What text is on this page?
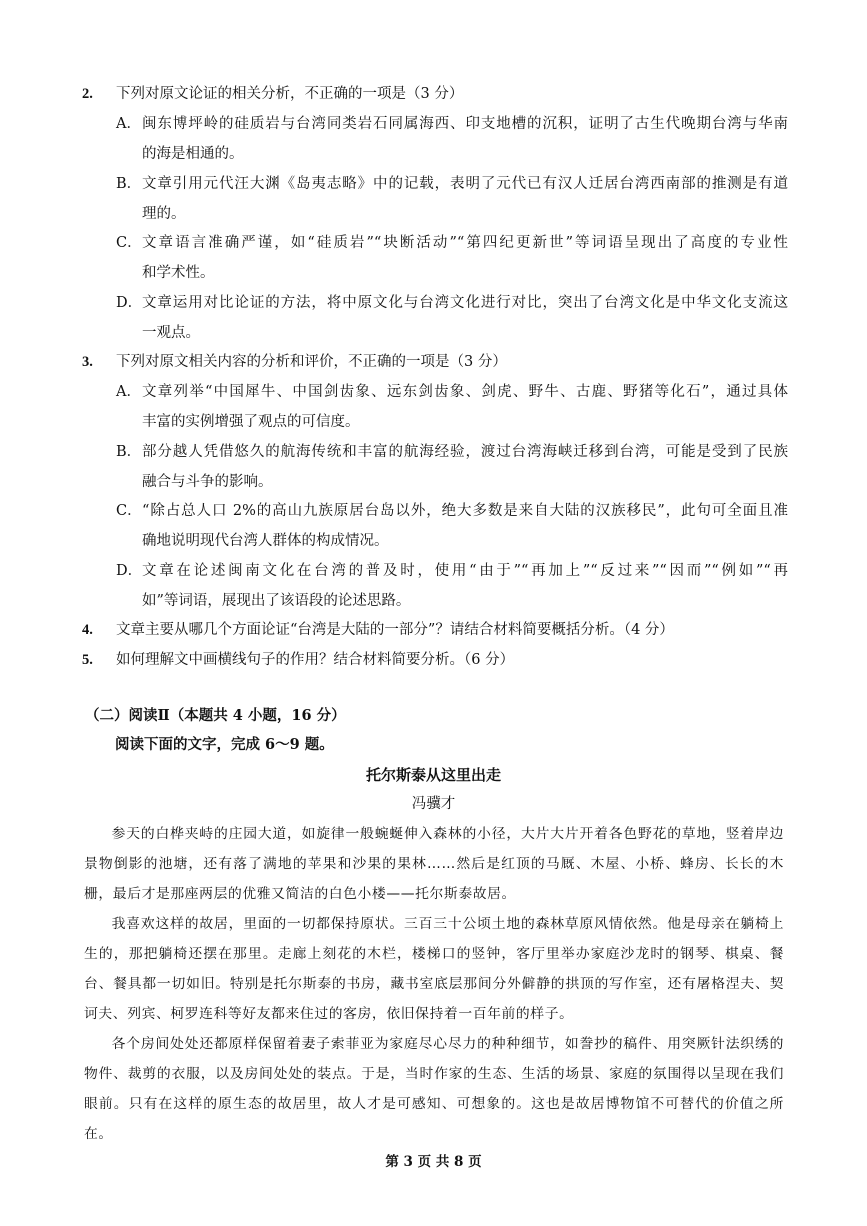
2. 下列对原文论证的相关分析，不正确的一项是（3 分）
A． 闽东博坪岭的硅质岩与台湾同类岩石同属海西、印支地槽的沉积，证明了古生代晚期台湾与华南
的海是相通的。
B． 文章引用元代汪大渊《岛夷志略》中的记载，表明了元代已有汉人迁居台湾西南部的推测是有道
理的。
C． 文章语言准确严谨，如“硅质岩”“块断活动”“第四纪更新世”等词语呈现出了高度的专业性
和学术性。
D． 文章运用对比论证的方法，将中原文化与台湾文化进行对比，突出了台湾文化是中华文化支流这
一观点。
3. 下列对原文相关内容的分析和评价，不正确的一项是（3 分）
A． 文章列举“中国犀牛、中国剑齿象、远东剑齿象、剑虎、野牛、古鹿、野猪等化石”，通过具体
丰富的实例增强了观点的可信度。
B． 部分越人凭借悠久的航海传统和丰富的航海经验，渡过台湾海峡迁移到台湾，可能是受到了民族
融合与斗争的影响。
C． “除占总人口 2%的高山九族原居台岛以外，绝大多数是来自大陆的汉族移民”，此句可全面且准
确地说明现代台湾人群体的构成情况。
D． 文章在论述闽南文化在台湾的普及时，使用“由于”“再加上”“反过来”“因而”“例如”“再
如”等词语，展现出了该语段的论述思路。
4. 文章主要从哪几个方面论证“台湾是大陆的一部分”？请结合材料简要概括分析。（4 分）
5. 如何理解文中画横线句子的作用？结合材料简要分析。（6 分）
（二）阅读Ⅱ（本题共 4 小题，16 分）
阅读下面的文字，完成 6～9 题。
托尔斯泰从这里出走
冯骥才
参天的白桦夹峙的庄园大道，如旋律一般蜿蜒伸入森林的小径，大片大片开着各色野花的草地，竖着岸边景物倒影的池塘，还有落了满地的苹果和沙果的果林……然后是红顶的马厩、木屋、小桥、蜂房、长长的木栅，最后才是那座两层的优雅又简洁的白色小楼——托尔斯泰故居。
我喜欢这样的故居，里面的一切都保持原状。三百三十公顷土地的森林草原风情依然。他是母亲在躺椅上生的，那把躺椅还摆在那里。走廊上刻花的木栏，楼梯口的竖钟，客厅里举办家庭沙龙时的钢琴、棋桌、餐台、餐具都一切如旧。特别是托尔斯泰的书房，藏书室底层那间分外僻静的拱顶的写作室，还有屠格涅夫、契诃夫、列宾、柯罗连科等好友都来住过的客房，依旧保持着一百年前的样子。
各个房间处处还都原样保留着妻子索菲亚为家庭尽心尽力的种种细节，如誊抄的稿件、用突厥针法织绣的物件、裁剪的衣服，以及房间处处的装点。于是，当时作家的生态、生活的场景、家庭的氛围得以呈现在我们眼前。只有在这样的原生态的故居里，故人才是可感知、可想象的。这也是故居博物馆不可替代的价值之所在。
第 3 页 共 8 页
